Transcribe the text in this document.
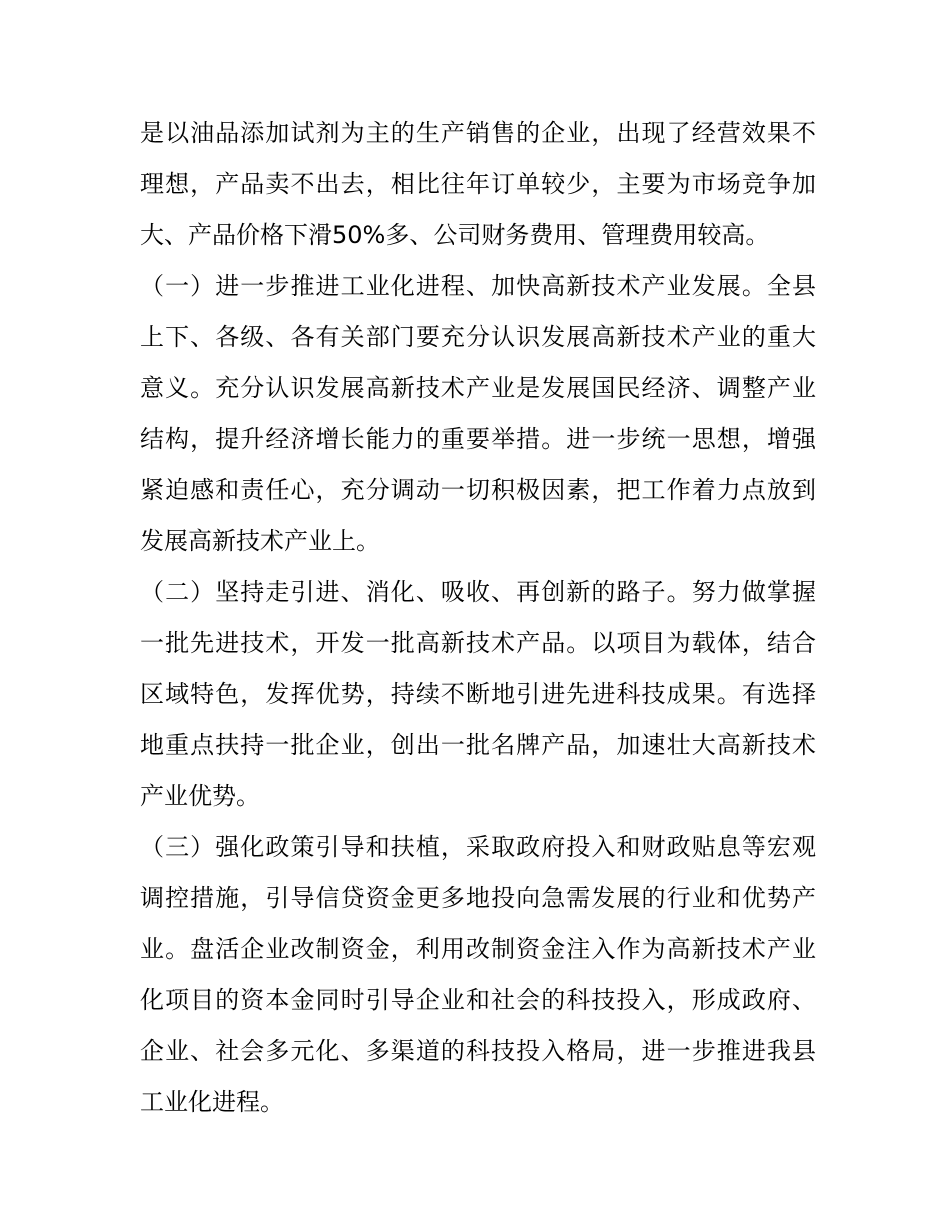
是以油品添加试剂为主的生产销售的企业，出现了经营效果不
理想，产品卖不出去，相比往年订单较少，主要为市场竞争加
大、产品价格下滑50%多、公司财务费用、管理费用较高。
（一）进一步推进工业化进程、加快高新技术产业发展。全县
上下、各级、各有关部门要充分认识发展高新技术产业的重大
意义。充分认识发展高新技术产业是发展国民经济、调整产业
结构，提升经济增长能力的重要举措。进一步统一思想，增强
紧迫感和责任心，充分调动一切积极因素，把工作着力点放到
发展高新技术产业上。
（二）坚持走引进、消化、吸收、再创新的路子。努力做掌握
一批先进技术，开发一批高新技术产品。以项目为载体，结合
区域特色，发挥优势，持续不断地引进先进科技成果。有选择
地重点扶持一批企业，创出一批名牌产品，加速壮大高新技术
产业优势。
（三）强化政策引导和扶植，采取政府投入和财政贴息等宏观
调控措施，引导信贷资金更多地投向急需发展的行业和优势产
业。盘活企业改制资金，利用改制资金注入作为高新技术产业
化项目的资本金同时引导企业和社会的科技投入，形成政府、
企业、社会多元化、多渠道的科技投入格局，进一步推进我县
工业化进程。
